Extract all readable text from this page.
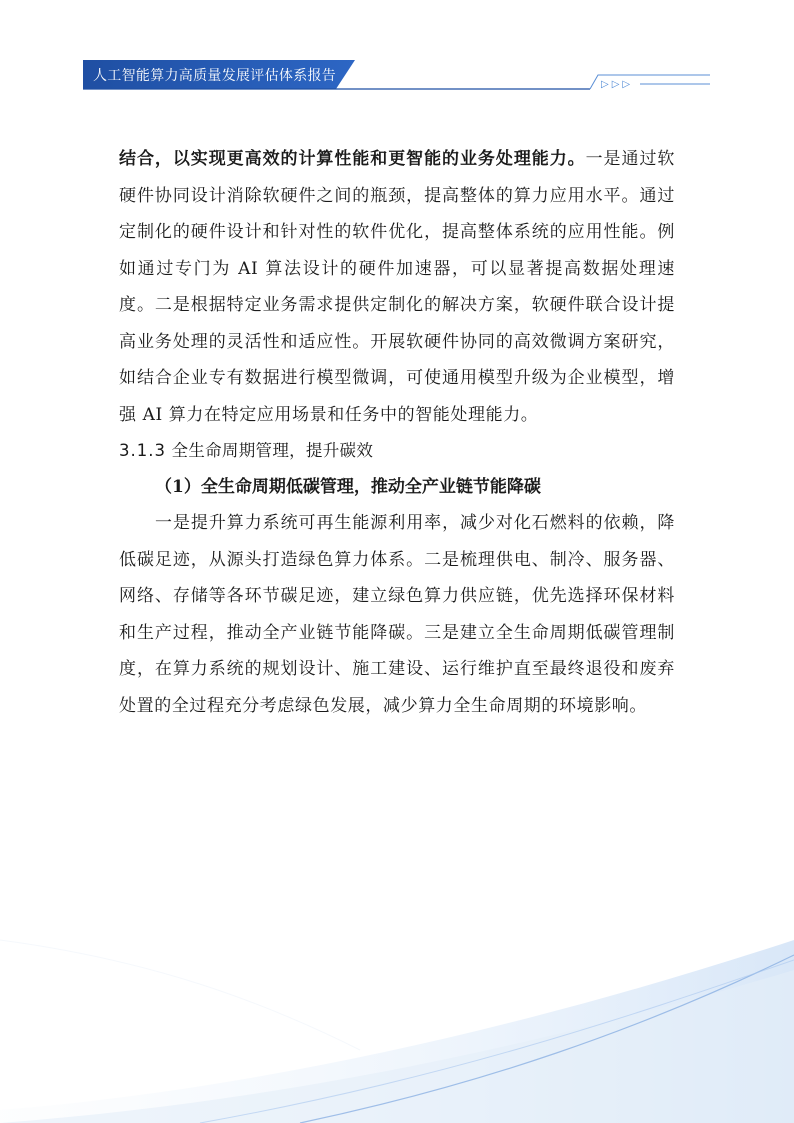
人工智能算力高质量发展评估体系报告
▷▷▷

结合，以实现更高效的计算性能和更智能的业务处理能力。一是通过软硬件协同设计消除软硬件之间的瓶颈，提高整体的算力应用水平。通过定制化的硬件设计和针对性的软件优化，提高整体系统的应用性能。例如通过专门为 AI 算法设计的硬件加速器，可以显著提高数据处理速度。二是根据特定业务需求提供定制化的解决方案，软硬件联合设计提高业务处理的灵活性和适应性。开展软硬件协同的高效微调方案研究，如结合企业专有数据进行模型微调，可使通用模型升级为企业模型，增强 AI 算力在特定应用场景和任务中的智能处理能力。

3.1.3 全生命周期管理，提升碳效

（1）全生命周期低碳管理，推动全产业链节能降碳

一是提升算力系统可再生能源利用率，减少对化石燃料的依赖，降低碳足迹，从源头打造绿色算力体系。二是梳理供电、制冷、服务器、网络、存储等各环节碳足迹，建立绿色算力供应链，优先选择环保材料和生产过程，推动全产业链节能降碳。三是建立全生命周期低碳管理制度，在算力系统的规划设计、施工建设、运行维护直至最终退役和废弃处置的全过程充分考虑绿色发展，减少算力全生命周期的环境影响。
